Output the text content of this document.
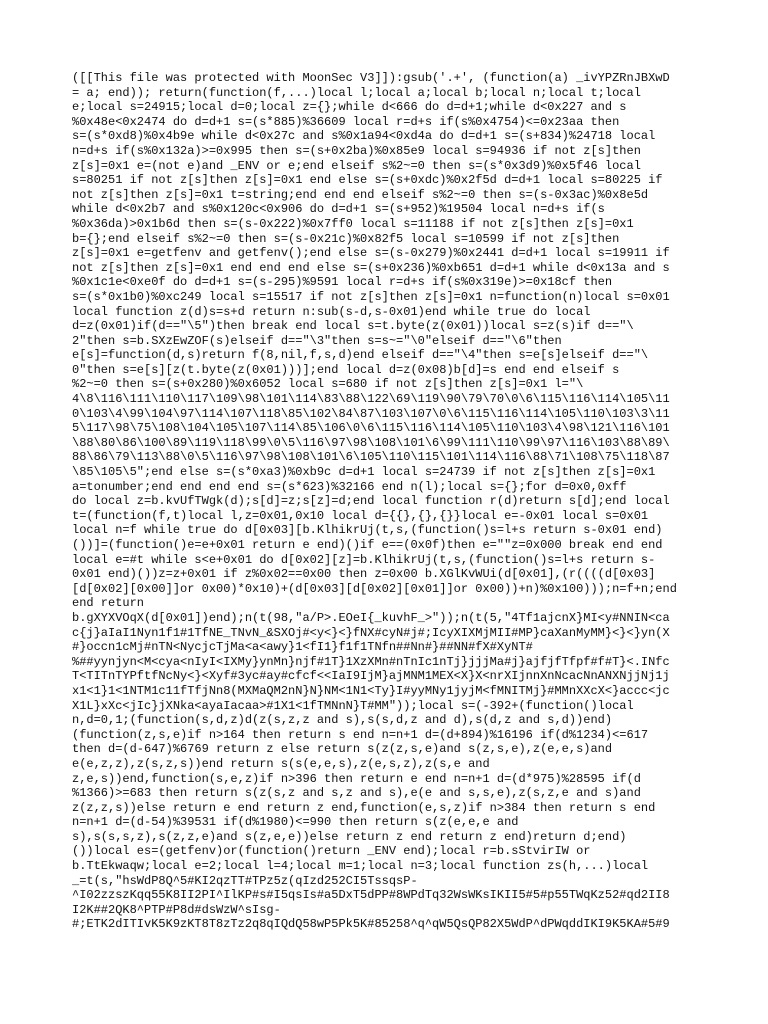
([[This file was protected with MoonSec V3]]):gsub('.+', (function(a) _ivYPZRnJBXwD
= a; end)); return(function(f,...)local l;local a;local b;local n;local t;local
e;local s=24915;local d=0;local z={};while d<666 do d=d+1;while d<0x227 and s
%0x48e<0x2474 do d=d+1 s=(s*885)%36609 local r=d+s if(s%0x4754)<=0x23aa then
s=(s*0xd8)%0x4b9e while d<0x27c and s%0x1a94<0xd4a do d=d+1 s=(s+834)%24718 local
n=d+s if(s%0x132a)>=0x995 then s=(s+0x2ba)%0x85e9 local s=94936 if not z[s]then
z[s]=0x1 e=(not e)and _ENV or e;end elseif s%2~=0 then s=(s*0x3d9)%0x5f46 local
s=80251 if not z[s]then z[s]=0x1 end else s=(s+0xdc)%0x2f5d d=d+1 local s=80225 if
not z[s]then z[s]=0x1 t=string;end end end elseif s%2~=0 then s=(s-0x3ac)%0x8e5d
while d<0x2b7 and s%0x120c<0x906 do d=d+1 s=(s+952)%19504 local n=d+s if(s
%0x36da)>0x1b6d then s=(s-0x222)%0x7ff0 local s=11188 if not z[s]then z[s]=0x1
b={};end elseif s%2~=0 then s=(s-0x21c)%0x82f5 local s=10599 if not z[s]then
z[s]=0x1 e=getfenv and getfenv();end else s=(s-0x279)%0x2441 d=d+1 local s=19911 if
not z[s]then z[s]=0x1 end end end else s=(s+0x236)%0xb651 d=d+1 while d<0x13a and s
%0x1c1e<0xe0f do d=d+1 s=(s-295)%9591 local r=d+s if(s%0x319e)>=0x18cf then
s=(s*0x1b0)%0xc249 local s=15517 if not z[s]then z[s]=0x1 n=function(n)local s=0x01
local function z(d)s=s+d return n:sub(s-d,s-0x01)end while true do local
d=z(0x01)if(d=="\5")then break end local s=t.byte(z(0x01))local s=z(s)if d=="\
2"then s=b.SXzEwZOF(s)elseif d=="\3"then s=s~="\0"elseif d=="\6"then
e[s]=function(d,s)return f(8,nil,f,s,d)end elseif d=="\4"then s=e[s]elseif d=="\
0"then s=e[s][z(t.byte(z(0x01)))];end local d=z(0x08)b[d]=s end end elseif s
%2~=0 then s=(s+0x280)%0x6052 local s=680 if not z[s]then z[s]=0x1 l="\
4\8\116\111\110\117\109\98\101\114\83\88\122\69\119\90\79\70\0\6\115\116\114\105\11
0\103\4\99\104\97\114\107\118\85\102\84\87\103\107\0\6\115\116\114\105\110\103\3\11
5\117\98\75\108\104\105\107\114\85\106\0\6\115\116\114\105\110\103\4\98\121\116\101
\88\80\86\100\89\119\118\99\0\5\116\97\98\108\101\6\99\111\110\99\97\116\103\88\89\
88\86\79\113\88\0\5\116\97\98\108\101\6\105\110\115\101\114\116\88\71\108\75\118\87
\85\105\5";end else s=(s*0xa3)%0xb9c d=d+1 local s=24739 if not z[s]then z[s]=0x1
a=tonumber;end end end end s=(s*623)%32166 end n(l);local s={};for d=0x0,0xff
do local z=b.kvUfTWgk(d);s[d]=z;s[z]=d;end local function r(d)return s[d];end local
t=(function(f,t)local l,z=0x01,0x10 local d={{},{},{}}local e=-0x01 local s=0x01
local n=f while true do d[0x03][b.KlhikrUj(t,s,(function()s=l+s return s-0x01 end)
())]=(function()e=e+0x01 return e end)()if e==(0x0f)then e=""z=0x000 break end end
local e=#t while s<e+0x01 do d[0x02][z]=b.KlhikrUj(t,s,(function()s=l+s return s-
0x01 end)())z=z+0x01 if z%0x02==0x00 then z=0x00 b.XGlKvWUi(d[0x01],(r((((d[0x03]
[d[0x02][0x00]]or 0x00)*0x10)+(d[0x03][d[0x02][0x01]]or 0x00))+n)%0x100)));n=f+n;end
end return
b.gXYXVOqX(d[0x01])end);n(t(98,"a/P>.EOeI{_kuvhF_>"));n(t(5,"4Tf1ajcnX}MI<y#NNIN<ca
c{j}aIaI1Nyn1f1#1TfNE_TNvN_&SXOj#<y<}<}fNX#cyN#j#;IcyXIXMjMII#MP}caXanMyMM}<}<}yn(X
#}occn1cMj#nTN<NycjcTjMa<a<awy}1<fI1}f1f1TNfn##Nn#}##NN#fX#XyNT#
%##yynjyn<M<cya<nIyI<IXMy}ynMn}njf#1T}1XzXMn#nTnIc1nTj}jjjMa#j}ajfjfTfpf#f#T}<.INfc
T<TITnTYPftfNcNy<}<Xyf#3yc#ay#cfcf<<IaI9IjM}ajMNM1MEX<X}X<nrXIjnnXnNcacNnANXNjjNj1j
x1<1}1<1NTM1c11fTfjNn8(MXMaQM2nN}N}NM<1N1<Ty}I#yyMNy1jyjM<fMNITMj}#MMnXXcX<}accc<jc
X1L}xXc<jIc}jXNka<ayaIacaa>#1X1<1fTMNnN}T#MM"));local s=(-392+(function()local
n,d=0,1;(function(s,d,z)d(z(s,z,z and s),s(s,d,z and d),s(d,z and s,d))end)
(function(z,s,e)if n>164 then return s end n=n+1 d=(d+894)%16196 if(d%1234)<=617
then d=(d-647)%6769 return z else return s(z(z,s,e)and s(z,s,e),z(e,e,s)and
e(e,z,z),z(s,z,s))end return s(s(e,e,s),z(e,s,z),z(s,e and
z,e,s))end,function(s,e,z)if n>396 then return e end n=n+1 d=(d*975)%28595 if(d
%1366)>=683 then return s(z(s,z and s,z and s),e(e and s,s,e),z(s,z,e and s)and
z(z,z,s))else return e end return z end,function(e,s,z)if n>384 then return s end
n=n+1 d=(d-54)%39531 if(d%1980)<=990 then return s(z(e,e,e and
s),s(s,s,z),s(z,z,e)and s(z,e,e))else return z end return z end)return d;end)
())local es=(getfenv)or(function()return _ENV end);local r=b.sStvirIW or
b.TtEkwaqw;local e=2;local l=4;local m=1;local n=3;local function zs(h,...)local
_=t(s,"hsWdP8Q^5#KI2qzTT#TPz5z(qIzd252CI5TssqsP-
^I02zzszKqq55K8II2PI^IlKP#s#I5qsIs#a5DxT5dPP#8WPdTq32WsWKsIKII5#5#p55TWqKz52#qd2II8
I2K##2QK8^PTP#P8d#dsWzW^sIsg-
#;ETK2dITIvK5K9zKT8T8zTz2q8qIQdQ58wP5Pk5K#85258^q^qW5QsQP82X5WdP^dPWqddIKI9K5KA#5#9
